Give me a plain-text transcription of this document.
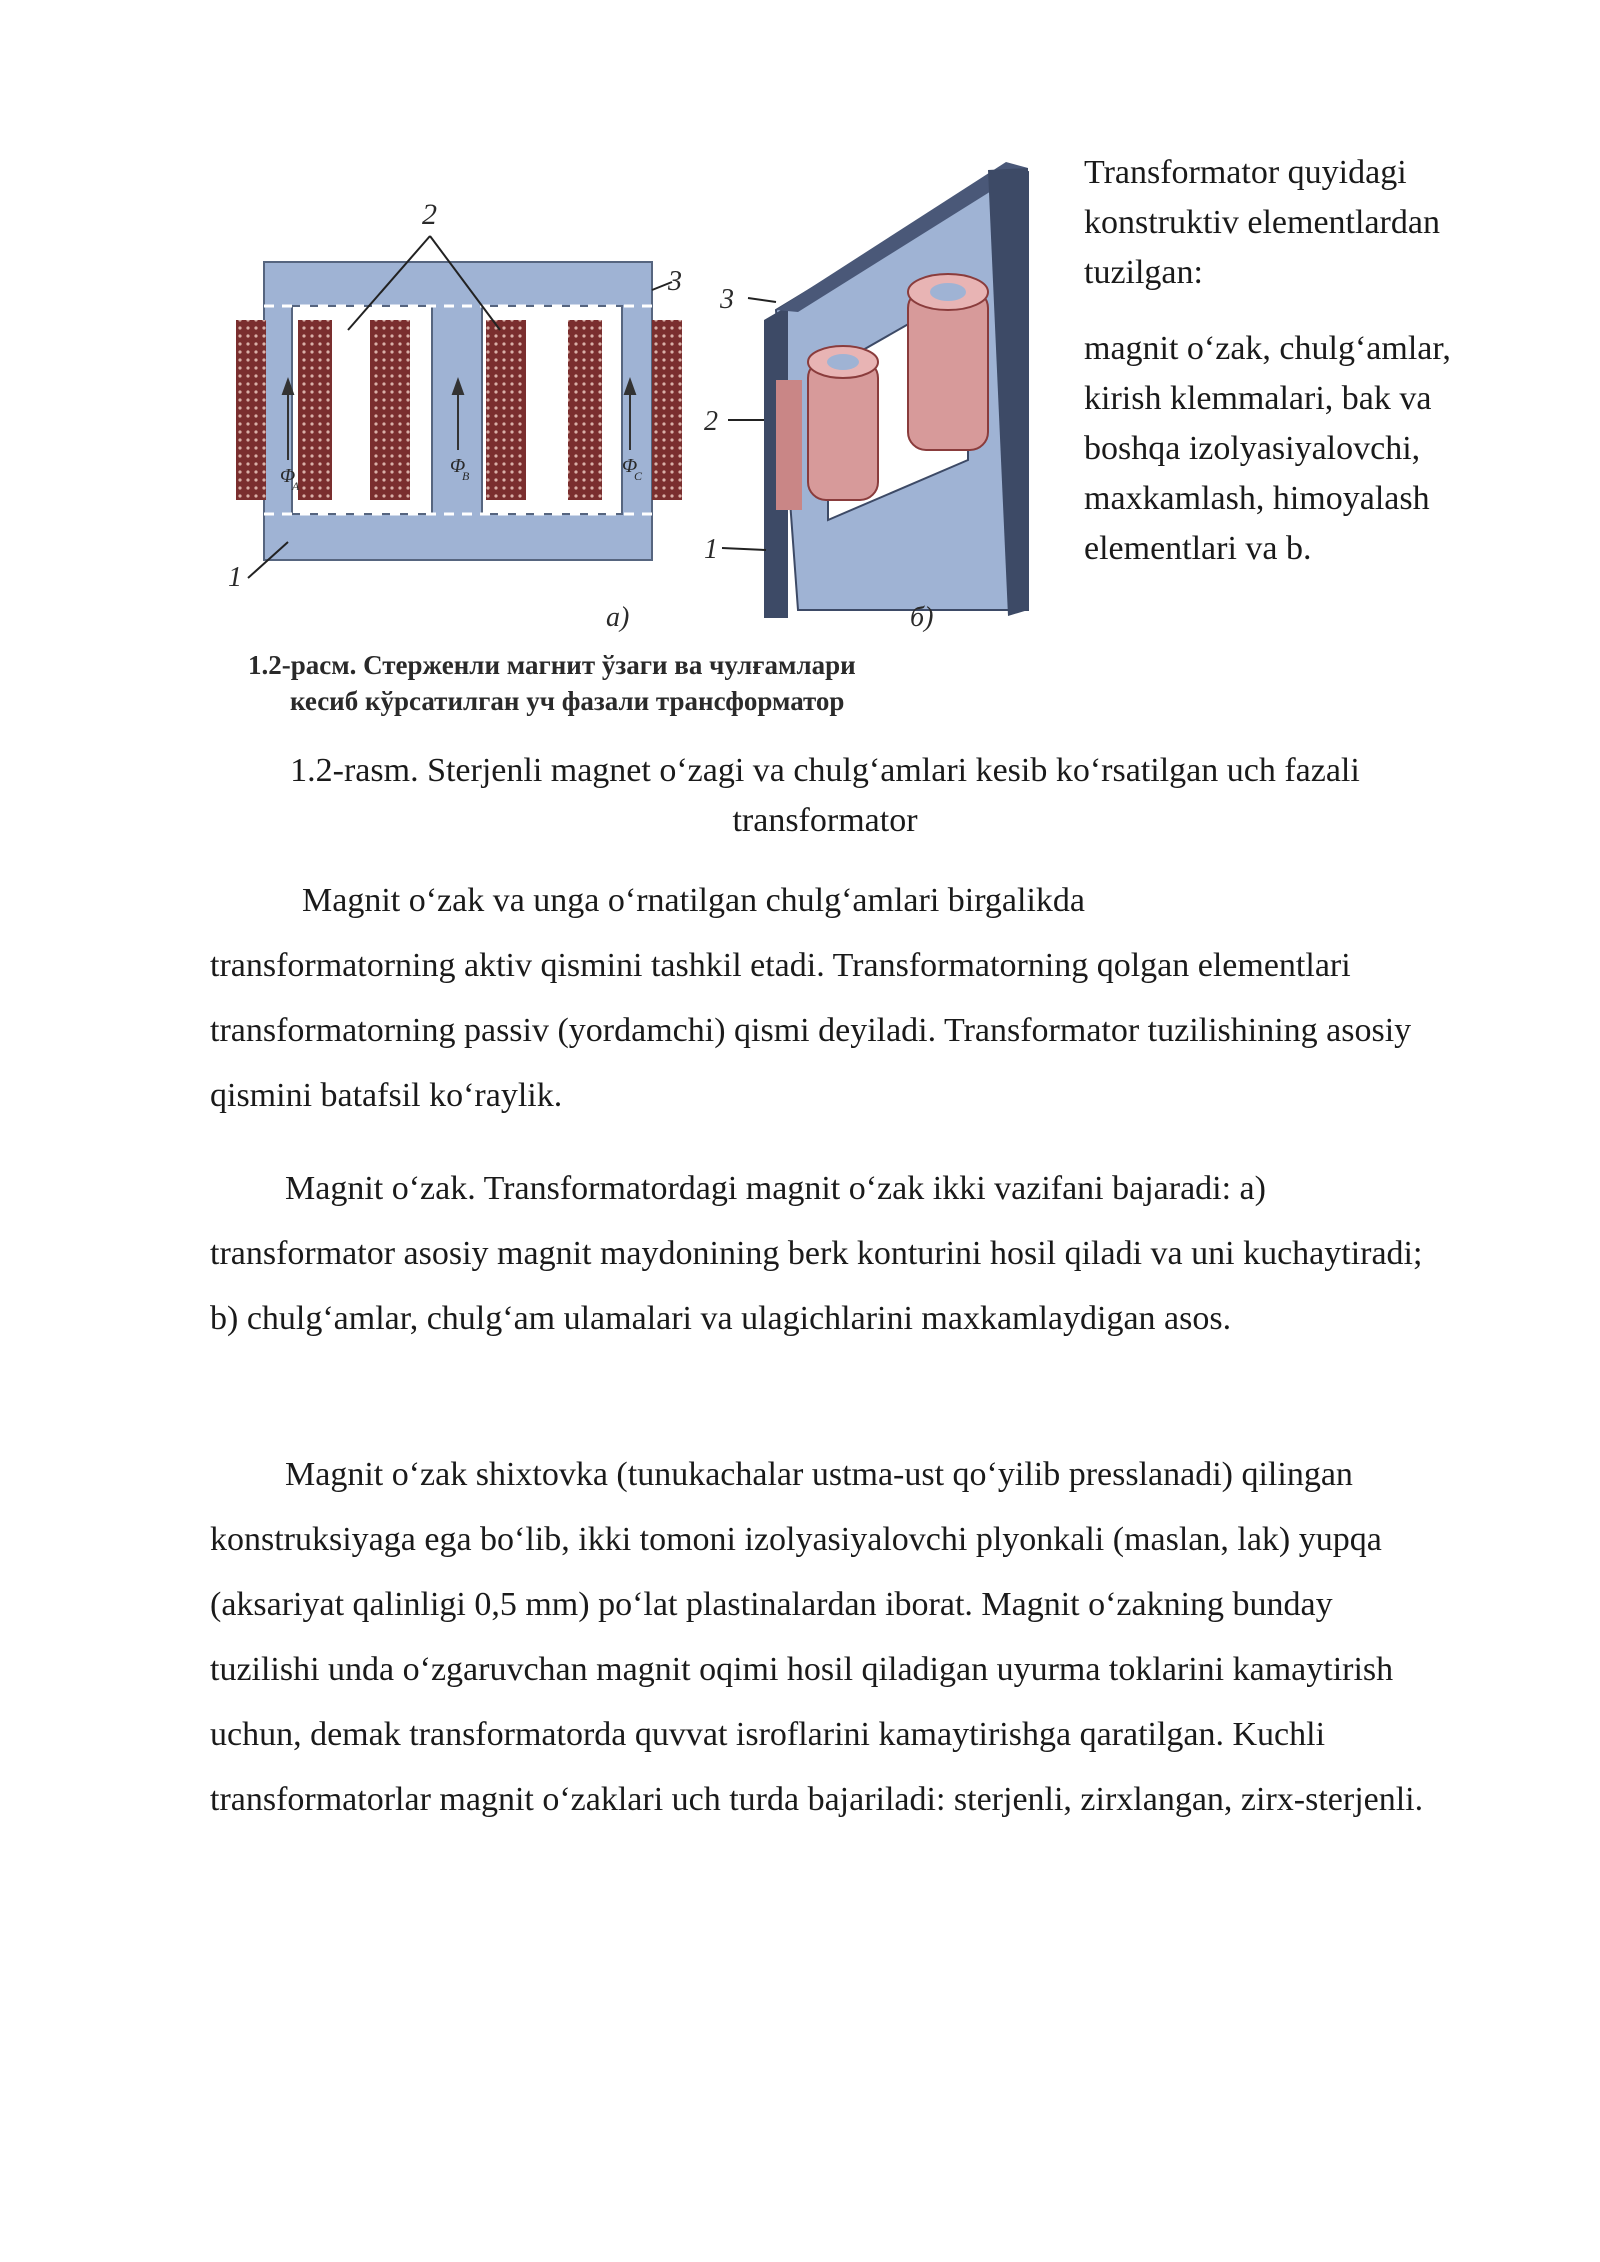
Φ
A
Φ
B	Φ
C
2
3
1
а)
3
2
1
б)
1.2-расм. Стерженли магнит ўзаги ва чулғамлари
кесиб кўрсатилган уч фазали трансформатор

Transformator quyidagi konstruktiv elementlardan tuzilgan:

magnit o‘zak, chulg‘amlar, kirish klemmalari, bak va boshqa izolyasiyalovchi, maxkamlash, himoyalash elementlari va b.

1.2-rasm. Sterjenli magnet o‘zagi va chulg‘amlari kesib ko‘rsatilgan uch fazali transformator

Magnit o‘zak va unga o‘rnatilgan chulg‘amlari birgalikda
transformatorning aktiv qismini tashkil etadi. Transformatorning qolgan elementlari transformatorning passiv (yordamchi) qismi deyiladi. Transformator tuzilishining asosiy qismini batafsil ko‘raylik.

Magnit o‘zak. Transformatordagi magnit o‘zak ikki vazifani bajaradi: a) transformator asosiy magnit maydonining berk konturini hosil qiladi va uni kuchaytiradi; b) chulg‘amlar, chulg‘am ulamalari va ulagichlarini maxkamlaydigan asos.

Magnit o‘zak shixtovka (tunukachalar ustma-ust qo‘yilib presslanadi) qilingan konstruksiyaga ega bo‘lib, ikki tomoni izolyasiyalovchi plyonkali (maslan, lak) yupqa (aksariyat qalinligi 0,5 mm) po‘lat plastinalardan iborat. Magnit o‘zakning bunday tuzilishi unda o‘zgaruvchan magnit oqimi hosil qiladigan uyurma toklarini kamaytirish uchun, demak transformatorda quvvat isroflarini kamaytirishga qaratilgan. Kuchli transformatorlar magnit o‘zaklari uch turda bajariladi: sterjenli, zirxlangan, zirx-sterjenli.
